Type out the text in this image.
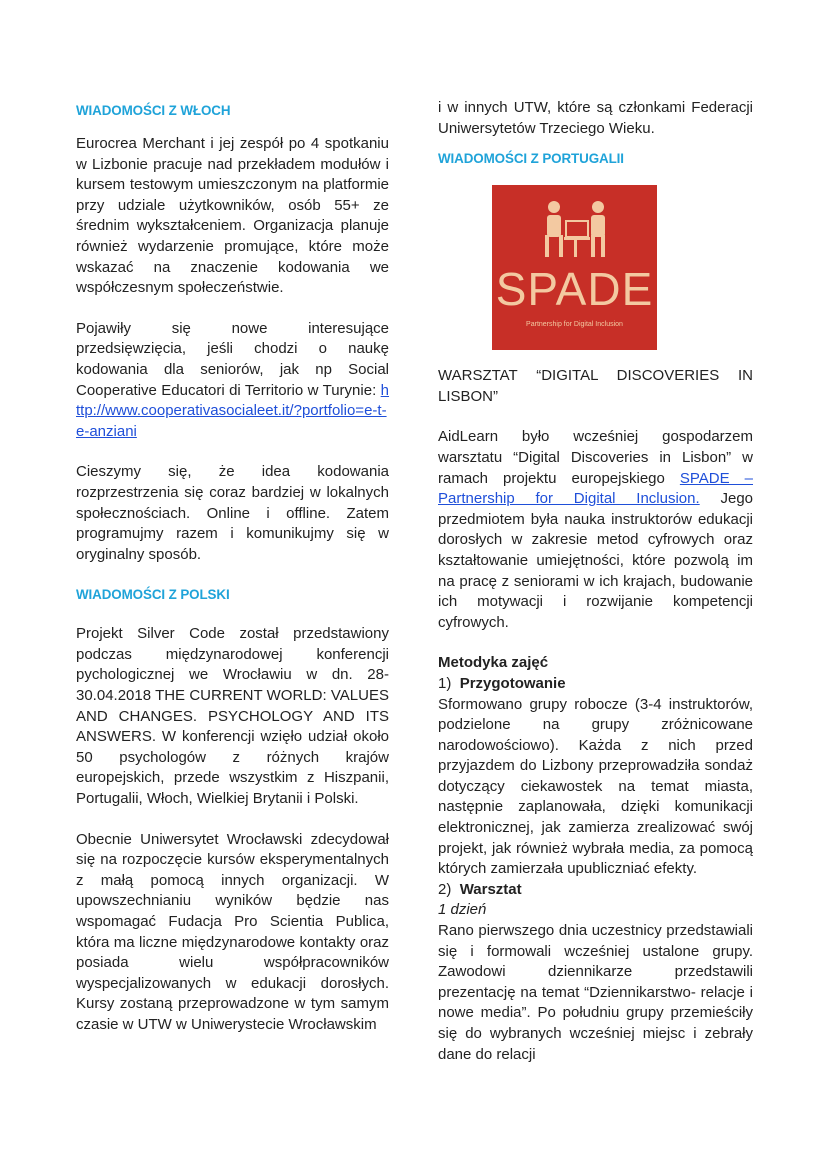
WIADOMOŚCI Z WŁOCH

Eurocrea Merchant i jej zespół po 4 spotkaniu w Lizbonie pracuje nad przekładem modułów i kursem testowym umieszczonym na platformie przy udziale użytkowników, osób 55+ ze średnim wykształceniem. Organizacja planuje również wydarzenie promujące, które może wskazać na znaczenie kodowania we współczesnym społeczeństwie.

Pojawiły się nowe interesujące przedsięwzięcia, jeśli chodzi o naukę kodowania dla seniorów, jak np Social Cooperative Educatori di Territorio w Turynie: http://www.cooperativasocialeet.it/?portfolio=e-t-e-anziani

Cieszymy się, że idea kodowania rozprzestrzenia się coraz bardziej w lokalnych społecznościach. Online i offline. Zatem programujmy razem i komunikujmy się w oryginalny sposób.

WIADOMOŚCI Z POLSKI

Projekt Silver Code został przedstawiony podczas międzynarodowej konferencji pychologicznej we Wrocławiu w dn. 28-30.04.2018 THE CURRENT WORLD: VALUES AND CHANGES. PSYCHOLOGY AND ITS ANSWERS. W konferencji wzięło udział około 50 psychologów z różnych krajów europejskich, przede wszystkim z Hiszpanii, Portugalii, Włoch, Wielkiej Brytanii i Polski.

Obecnie Uniwersytet Wrocławski zdecydował się na rozpoczęcie kursów eksperymentalnych z małą pomocą innych organizacji. W upowszechnianiu wyników będzie nas wspomagać Fudacja Pro Scientia Publica, która ma liczne międzynarodowe kontakty oraz posiada wielu współpracowników wyspecjalizowanych w edukacji dorosłych. Kursy zostaną przeprowadzone w tym samym czasie w UTW w Uniwerystecie Wrocławskim

i w innych UTW, które są członkami Federacji Uniwersytetów Trzeciego Wieku.

WIADOMOŚCI Z PORTUGALII
SPADE
Partnership for Digital Inclusion

WARSZTAT “DIGITAL DISCOVERIES IN LISBON”

AidLearn było wcześniej gospodarzem warsztatu “Digital Discoveries in Lisbon” w ramach projektu europejskiego SPADE – Partnership for Digital Inclusion. Jego przedmiotem była nauka instruktorów edukacji dorosłych w zakresie metod cyfrowych oraz kształtowanie umiejętności, które pozwolą im na pracę z seniorami w ich krajach, budowanie ich motywacji i rozwijanie kompetencji cyfrowych.

Metodyka zajęć

1) Przygotowanie

Sformowano grupy robocze (3-4 instruktorów, podzielone na grupy zróżnicowane narodowościowo). Każda z nich przed przyjazdem do Lizbony przeprowadziła sondaż dotyczący ciekawostek na temat miasta, następnie zaplanowała, dzięki komunikacji elektronicznej, jak zamierza zrealizować swój projekt, jak również wybrała media, za pomocą których zamierzała upubliczniać efekty.

2) Warsztat

1 dzień

Rano pierwszego dnia uczestnicy przedstawiali się i formowali wcześniej ustalone grupy. Zawodowi dziennikarze przedstawili prezentację na temat “Dziennikarstwo- relacje i nowe media”. Po południu grupy przemieściły się do wybranych wcześniej miejsc i zebrały dane do relacji
